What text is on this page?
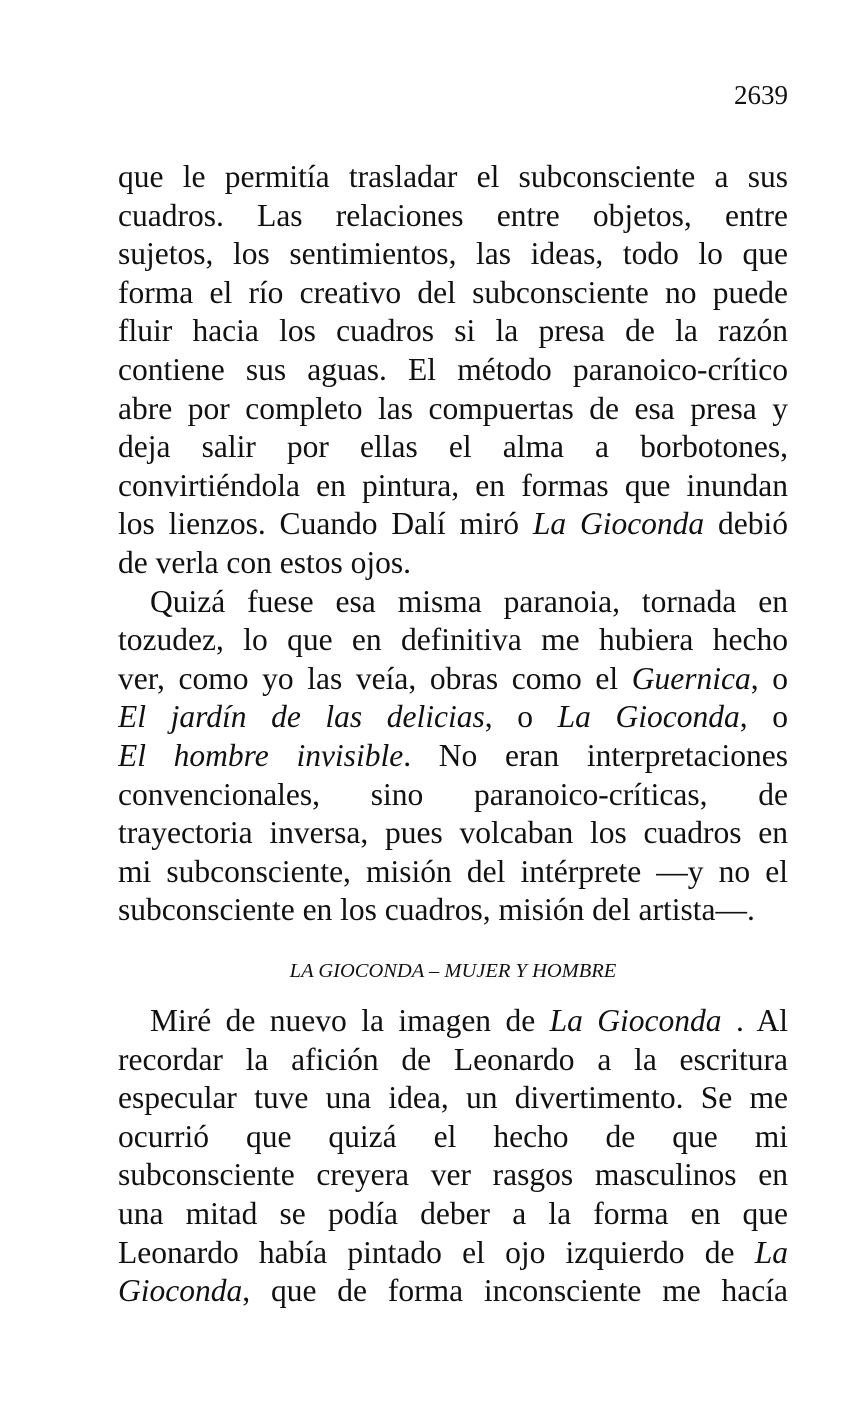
2639

que le permitía trasladar el subconsciente a sus
cuadros. Las relaciones entre objetos, entre
sujetos, los sentimientos, las ideas, todo lo que
forma el río creativo del subconsciente no puede
fluir hacia los cuadros si la presa de la razón
contiene sus aguas. El método paranoico-crítico
abre por completo las compuertas de esa presa y
deja salir por ellas el alma a borbotones,
convirtiéndola en pintura, en formas que inundan
los lienzos. Cuando Dalí miró La Gioconda debió
de verla con estos ojos.
Quizá fuese esa misma paranoia, tornada en
tozudez, lo que en definitiva me hubiera hecho
ver, como yo las veía, obras como el Guernica, o
El jardín de las delicias, o La Gioconda, o
El hombre invisible. No eran interpretaciones
convencionales, sino paranoico-críticas, de
trayectoria inversa, pues volcaban los cuadros en
mi subconsciente, misión del intérprete —y no el
subconsciente en los cuadros, misión del artista—.

LA GIOCONDA – MUJER Y HOMBRE

Miré de nuevo la imagen de La Gioconda . Al
recordar la afición de Leonardo a la escritura
especular tuve una idea, un divertimento. Se me
ocurrió que quizá el hecho de que mi
subconsciente creyera ver rasgos masculinos en
una mitad se podía deber a la forma en que
Leonardo había pintado el ojo izquierdo de La
Gioconda, que de forma inconsciente me hacía
